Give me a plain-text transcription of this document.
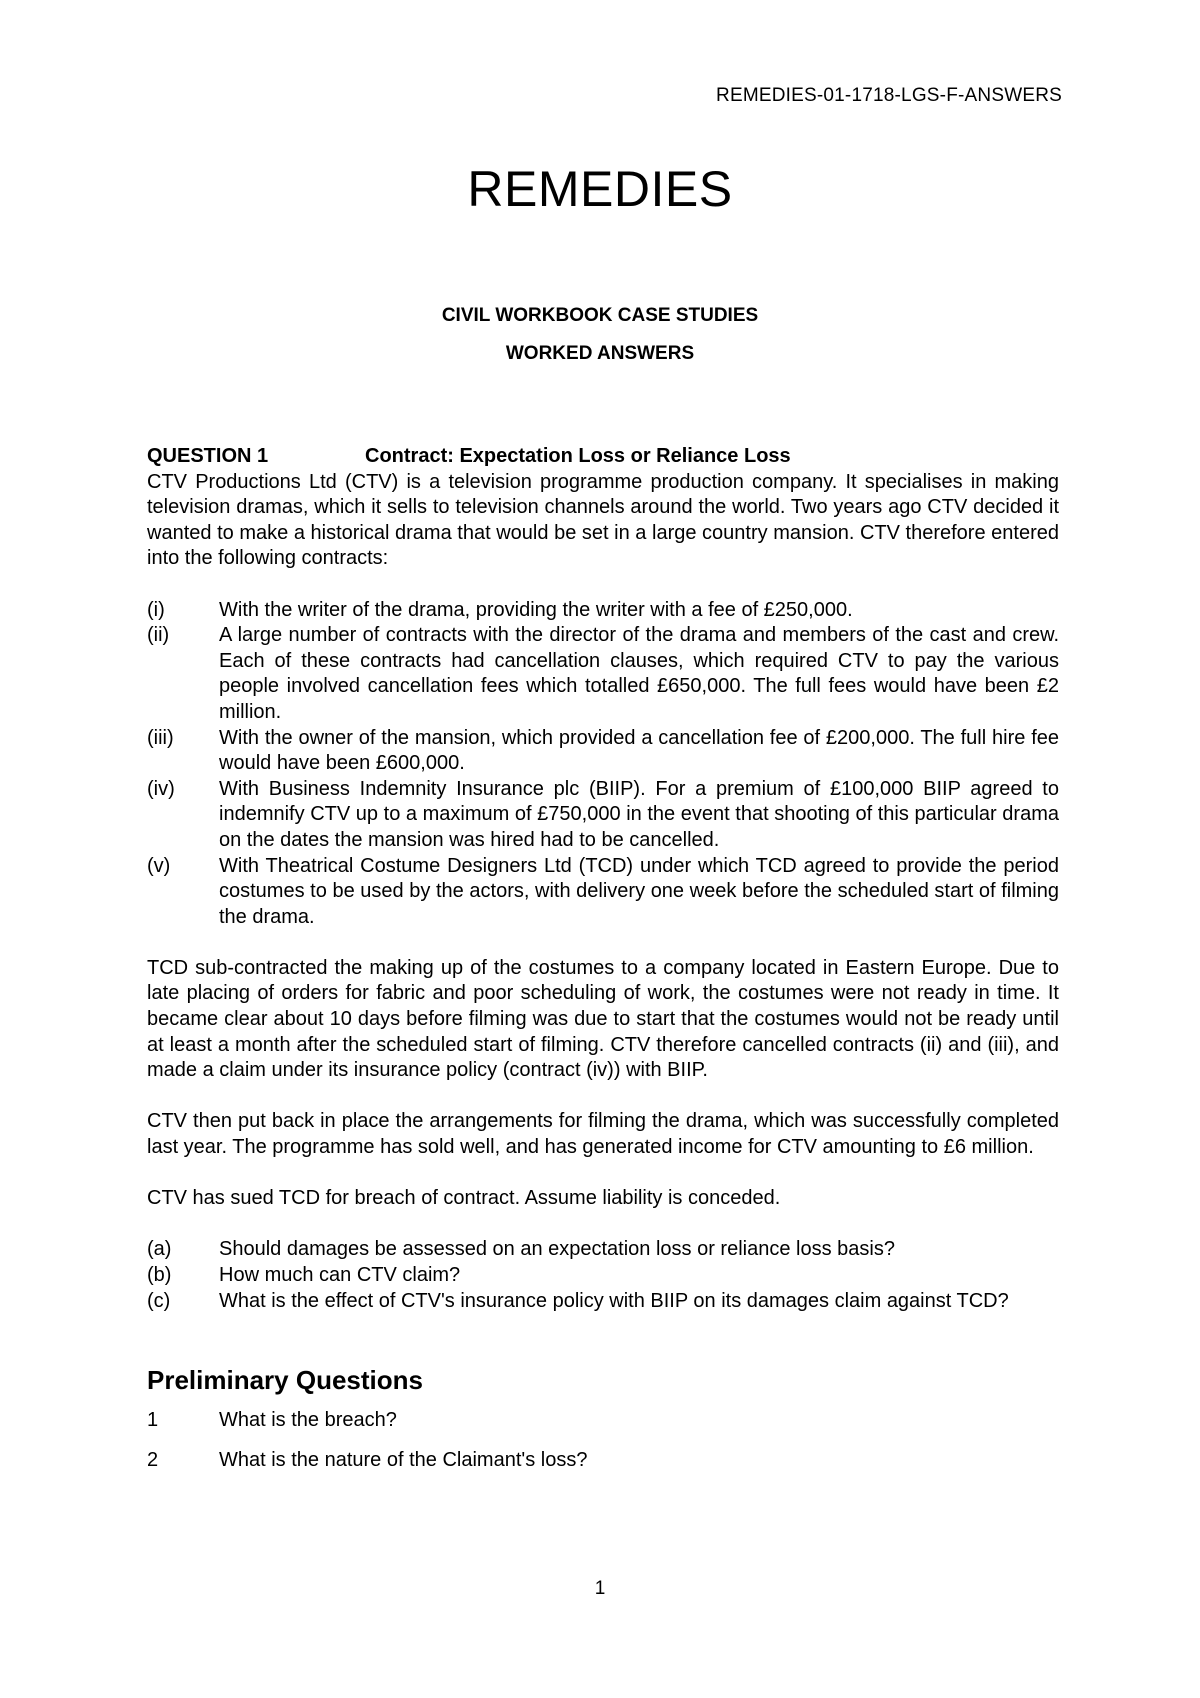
REMEDIES-01-1718-LGS-F-ANSWERS
REMEDIES
CIVIL WORKBOOK CASE STUDIES
WORKED ANSWERS
QUESTION 1	Contract: Expectation Loss or Reliance Loss

CTV Productions Ltd (CTV) is a television programme production company. It specialises in making television dramas, which it sells to television channels around the world. Two years ago CTV decided it wanted to make a historical drama that would be set in a large country mansion. CTV therefore entered into the following contracts:

(i)	With the writer of the drama, providing the writer with a fee of £250,000.
(ii)	A large number of contracts with the director of the drama and members of the cast and crew. Each of these contracts had cancellation clauses, which required CTV to pay the various people involved cancellation fees which totalled £650,000. The full fees would have been £2 million.
(iii)	With the owner of the mansion, which provided a cancellation fee of £200,000. The full hire fee would have been £600,000.
(iv)	With Business Indemnity Insurance plc (BIIP). For a premium of £100,000 BIIP agreed to indemnify CTV up to a maximum of £750,000 in the event that shooting of this particular drama on the dates the mansion was hired had to be cancelled.
(v)	With Theatrical Costume Designers Ltd (TCD) under which TCD agreed to provide the period costumes to be used by the actors, with delivery one week before the scheduled start of filming the drama.

TCD sub-contracted the making up of the costumes to a company located in Eastern Europe. Due to late placing of orders for fabric and poor scheduling of work, the costumes were not ready in time. It became clear about 10 days before filming was due to start that the costumes would not be ready until at least a month after the scheduled start of filming. CTV therefore cancelled contracts (ii) and (iii), and made a claim under its insurance policy (contract (iv)) with BIIP.

CTV then put back in place the arrangements for filming the drama, which was successfully completed last year. The programme has sold well, and has generated income for CTV amounting to £6 million.

CTV has sued TCD for breach of contract. Assume liability is conceded.

(a)	Should damages be assessed on an expectation loss or reliance loss basis?
(b)	How much can CTV claim?
(c)	What is the effect of CTV's insurance policy with BIIP on its damages claim against TCD?
Preliminary Questions
1	What is the breach?
2	What is the nature of the Claimant's loss?
1
